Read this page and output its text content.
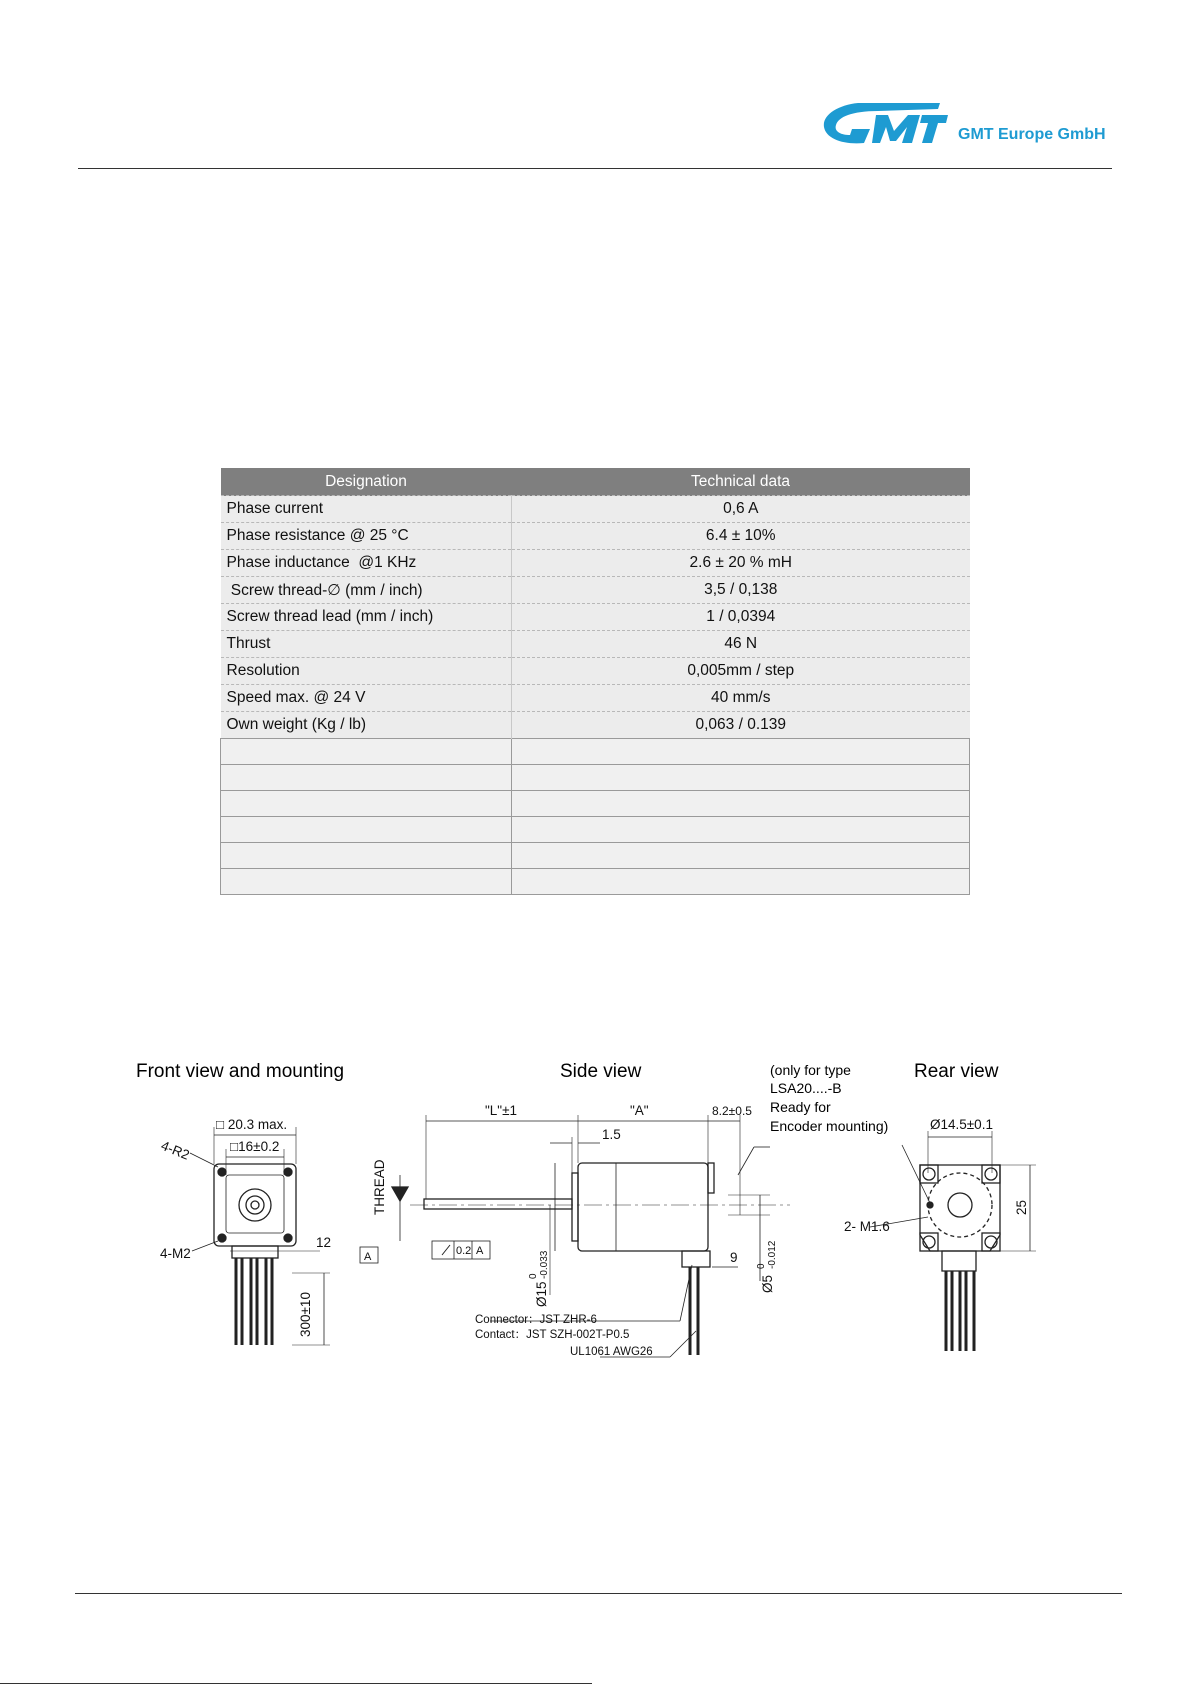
GMT
GMT Europe GmbH
Designation	Technical data
Phase current	0,6 A
Phase resistance @ 25 °C	6.4 ± 10%
Phase inductance  @1 KHz	2.6 ± 20 % mH
Screw thread-∅ (mm / inch)	3,5 / 0,138
Screw thread lead (mm / inch)	1 / 0,0394
Thrust	46 N
Resolution	0,005mm / step
Speed max. @ 24 V	40 mm/s
Own weight (Kg / lb)	0,063 / 0.139

Front view and mounting	Side view	Rear view
(only for type
LSA20....-B
Ready for
Encoder mounting)
□ 20.3 max.
□16±0.2
4-R2
4-M2
12
300±10
"L"±1	"A"	8.2±0.5
1.5
THREAD
A	0.2 A
Ø15
0 -0.033	9
Ø5
0 -0.012
Connector：JST ZHR-6
Contact：JST SZH-002T-P0.5
UL1061 AWG26
Ø14.5±0.1
2- M1.6
25
